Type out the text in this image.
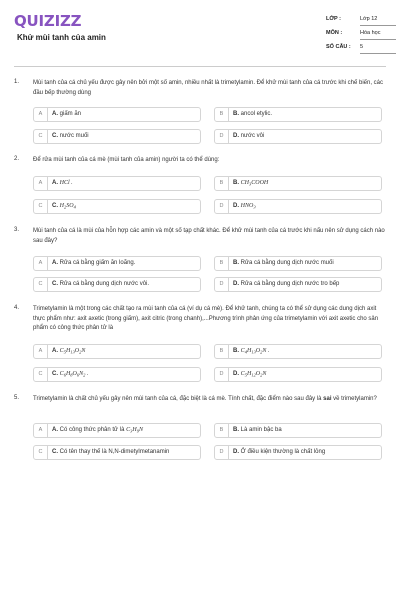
QUIZIZZ
Khử mùi tanh của amin
LỚP :	Lớp 12
MÔN :	Hóa học
SỐ CÂU : 5
1. Mùi tanh của cá chủ yếu được gây nên bởi một số amin, nhiều nhất là trimetylamin. Để khử mùi tanh của cá trước khi chế biến, các đầu bếp thường dùng
A	A. giấm ăn	B	B. ancol etylic.
C	C. nước muối	D	D. nước vôi
2. Để rửa mùi tanh của cá mè (mùi tanh của amin) người ta có thể dùng:
A	A. HCl .	B	B. $CH_3COOH$
C	C. $H_2SO_4$	D	D. $HNO_3$
3. Mùi tanh của cá là mùi của hỗn hợp các amin và một số tạp chất khác. Để khử mùi tanh của cá trước khi nấu nên sử dụng cách nào sau đây?
A	A. Rửa cá bằng giấm ăn loãng.	B	B. Rửa cá bằng dung dịch nước muối
C	C. Rửa cá bằng dung dịch nước vôi.	D	D. Rửa cá bằng dung dịch nước tro bếp
4. Trimetylamin là một trong các chất tạo ra mùi tanh của cá (ví dụ cá mè). Để khử tanh, chúng ta có thể sử dụng các dung dịch axit thực phẩm như: axit axetic (trong giấm), axit citric (trong chanh),...Phương trình phản ứng của trimetylamin với axit axetic cho sản phẩm có công thức phân tử là
A	A. $C_5H_{13}O_2N$	B	B. $C_4H_{13}O_2N$ .
C	C. $C_6H_8O_6N_2$ .	D	D. $C_5H_{12}O_2N$
5. Trimetylamin là chất chủ yếu gây nên mùi tanh của cá, đặc biệt là cá mè. Tính chất, đặc điểm nào sau đây là sai về trimetylamin?
A	A. Có công thức phân tử là $C_3H_9N$	B	B. Là amin bậc ba
C	C. Có tên thay thế là N,N-dimetylmetanamin	D	D. Ở điều kiện thường là chất lỏng
